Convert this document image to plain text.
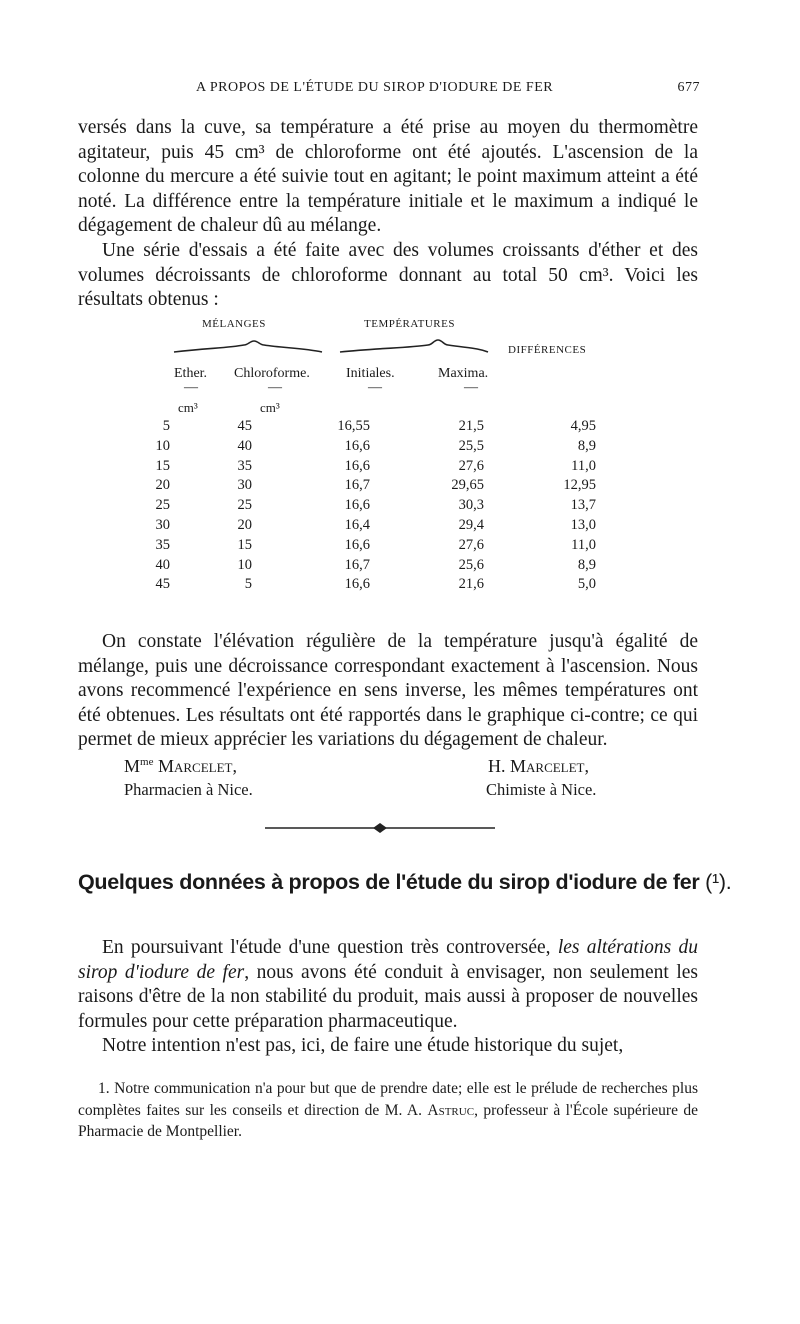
A PROPOS DE L'ÉTUDE DU SIROP D'IODURE DE FER	677

versés dans la cuve, sa température a été prise au moyen du thermomètre agitateur, puis 45 cm³ de chloroforme ont été ajoutés. L'ascension de la colonne du mercure a été suivie tout en agitant; le point maximum atteint a été noté. La différence entre la température initiale et le maximum a indiqué le dégagement de chaleur dû au mélange.

Une série d'essais a été faite avec des volumes croissants d'éther et des volumes décroissants de chloroforme donnant au total 50 cm³. Voici les résultats obtenus :

MÉLANGES	TEMPÉRATURES
DIFFÉRENCES
Ether. Chloroforme.	Initiales.	Maxima.
—	—	—	—
cm³	cm³
5	45	16,55	21,5	4,95
10	40	16,6	25,5	8,9
15	35	16,6	27,6	11,0
20	30	16,7	29,65	12,95
25	25	16,6	30,3	13,7
30	20	16,4	29,4	13,0
35	15	16,6	27,6	11,0
40	10	16,7	25,6	8,9
45	5	16,6	21,6	5,0

On constate l'élévation régulière de la température jusqu'à égalité de mélange, puis une décroissance correspondant exactement à l'ascension. Nous avons recommencé l'expérience en sens inverse, les mêmes températures ont été obtenues. Les résultats ont été rapportés dans le graphique ci-contre; ce qui permet de mieux apprécier les variations du dégagement de chaleur.

$M^{me}$ Marcelet,
Pharmacien à Nice.
H. Marcelet,
Chimiste à Nice.
Quelques données à propos de l'étude du sirop d'iodure de fer (¹).

En poursuivant l'étude d'une question très controversée, les altérations du sirop d'iodure de fer, nous avons été conduit à envisager, non seulement les raisons d'être de la non stabilité du produit, mais aussi à proposer de nouvelles formules pour cette préparation pharmaceutique.

Notre intention n'est pas, ici, de faire une étude historique du sujet,

1. Notre communication n'a pour but que de prendre date; elle est le prélude de recherches plus complètes faites sur les conseils et direction de M. A. Astruc, professeur à l'École supérieure de Pharmacie de Montpellier.
